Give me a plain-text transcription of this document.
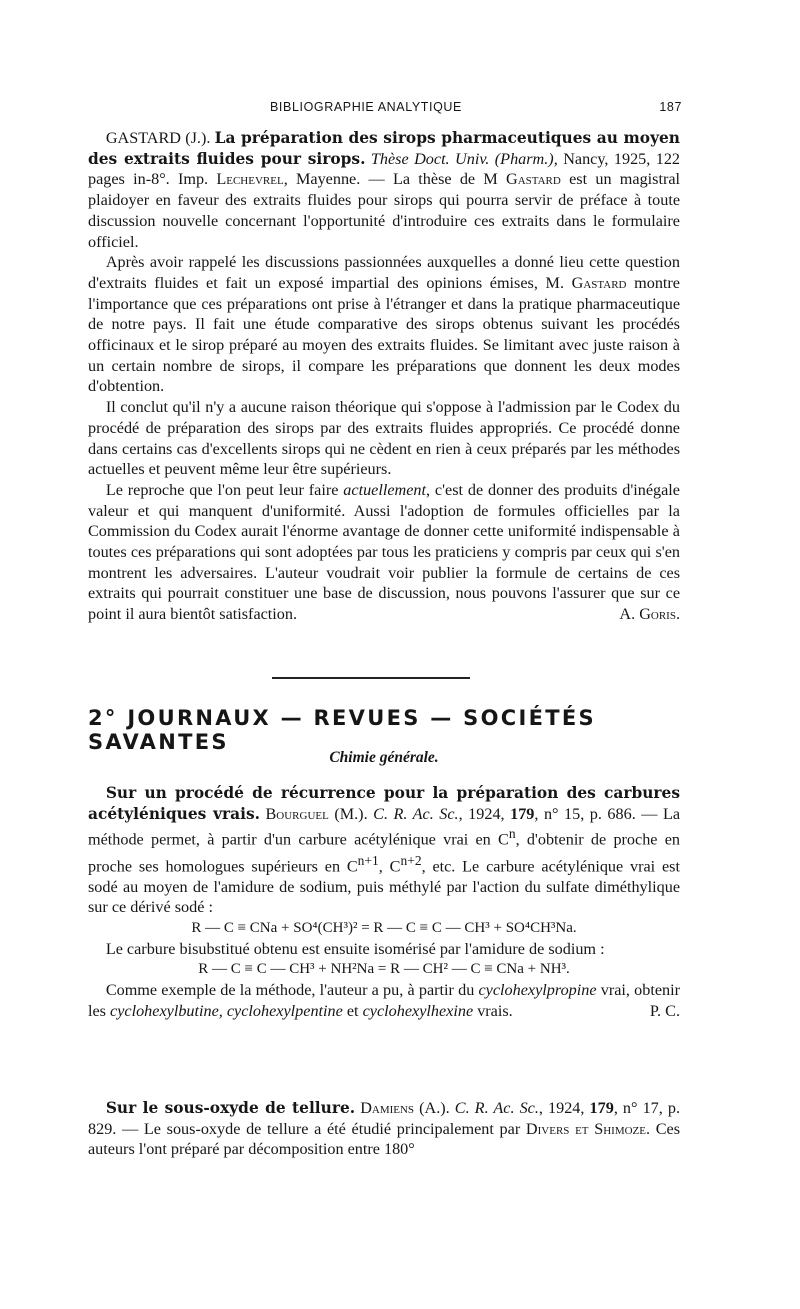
BIBLIOGRAPHIE ANALYTIQUE	187

GASTARD (J.). La préparation des sirops pharmaceutiques au moyen des extraits fluides pour sirops. Thèse Doct. Univ. (Pharm.), Nancy, 1925, 122 pages in-8°. Imp. Lechevrel, Mayenne. — La thèse de M Gastard est un magistral plaidoyer en faveur des extraits fluides pour sirops qui pourra servir de préface à toute discussion nouvelle concernant l'opportunité d'introduire ces extraits dans le formulaire officiel.

Après avoir rappelé les discussions passionnées auxquelles a donné lieu cette question d'extraits fluides et fait un exposé impartial des opinions émises, M. Gastard montre l'importance que ces préparations ont prise à l'étranger et dans la pratique pharmaceutique de notre pays. Il fait une étude comparative des sirops obtenus suivant les procédés officinaux et le sirop préparé au moyen des extraits fluides. Se limitant avec juste raison à un certain nombre de sirops, il compare les préparations que donnent les deux modes d'obtention.

Il conclut qu'il n'y a aucune raison théorique qui s'oppose à l'admission par le Codex du procédé de préparation des sirops par des extraits fluides appropriés. Ce procédé donne dans certains cas d'excellents sirops qui ne cèdent en rien à ceux préparés par les méthodes actuelles et peuvent même leur être supérieurs.

Le reproche que l'on peut leur faire actuellement, c'est de donner des produits d'inégale valeur et qui manquent d'uniformité. Aussi l'adoption de formules officielles par la Commission du Codex aurait l'énorme avantage de donner cette uniformité indispensable à toutes ces préparations qui sont adoptées par tous les praticiens y compris par ceux qui s'en montrent les adversaires. L'auteur voudrait voir publier la formule de certains de ces extraits qui pourrait constituer une base de discussion, nous pouvons l'assurer que sur ce point il aura bientôt satisfaction.	A. Goris.

2° JOURNAUX — REVUES — SOCIÉTÉS SAVANTES
Chimie générale.

Sur un procédé de récurrence pour la préparation des carbures acétyléniques vrais. Bourguel (M.). C. R. Ac. Sc., 1924, 179, n° 15, p. 686. — La méthode permet, à partir d'un carbure acétylénique vrai en $C^n$, d'obtenir de proche en proche ses homologues supérieurs en $C^{n+1}$, $C^{n+2}$, etc. Le carbure acétylénique vrai est sodé au moyen de l'amidure de sodium, puis méthylé par l'action du sulfate diméthylique sur ce dérivé sodé :

R — C ≡ CNa + SO⁴(CH³)² = R — C ≡ C — CH³ + SO⁴CH³Na.

Le carbure bisubstitué obtenu est ensuite isomérisé par l'amidure de sodium :

R — C ≡ C — CH³ + NH²Na = R — CH² — C ≡ CNa + NH³.

Comme exemple de la méthode, l'auteur a pu, à partir du cyclohexylpropine vrai, obtenir les cyclohexylbutine, cyclohexylpentine et cyclohexylhexine vrais.	P. C.

Sur le sous-oxyde de tellure. Damiens (A.). C. R. Ac. Sc., 1924, 179, n° 17, p. 829. — Le sous-oxyde de tellure a été étudié principalement par Divers et Shimoze. Ces auteurs l'ont préparé par décomposition entre 180°
